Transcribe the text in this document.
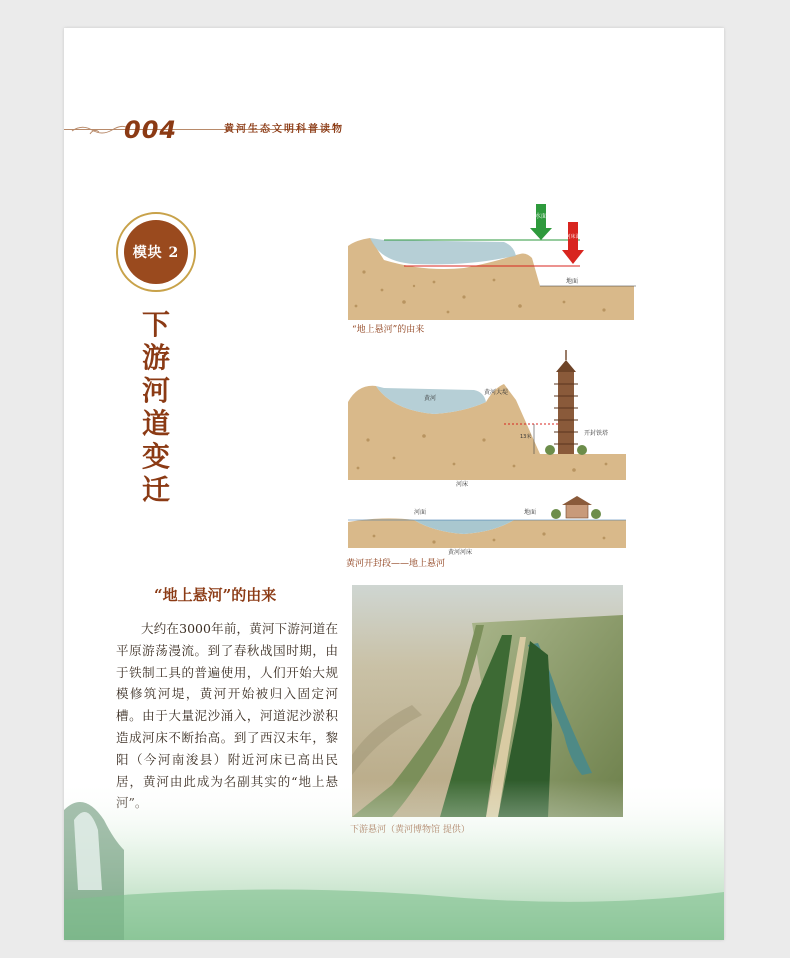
004	黄河生态文明科普读物
模块 2
下
游
河
道
变
迁
水面
河床面
地面
“地上悬河”的由来
黄河
黄河大堤
13米	开封铁塔
河床
河面	地面
黄河河床
黄河开封段——地上悬河
“地上悬河”的由来
大约在3000年前，黄河下游河道在平原游荡漫流。到了春秋战国时期，由于铁制工具的普遍使用，人们开始大规模修筑河堤，黄河开始被归入固定河槽。由于大量泥沙涌入，河道泥沙淤积造成河床不断抬高。到了西汉末年，黎阳（今河南浚县）附近河床已高出民
